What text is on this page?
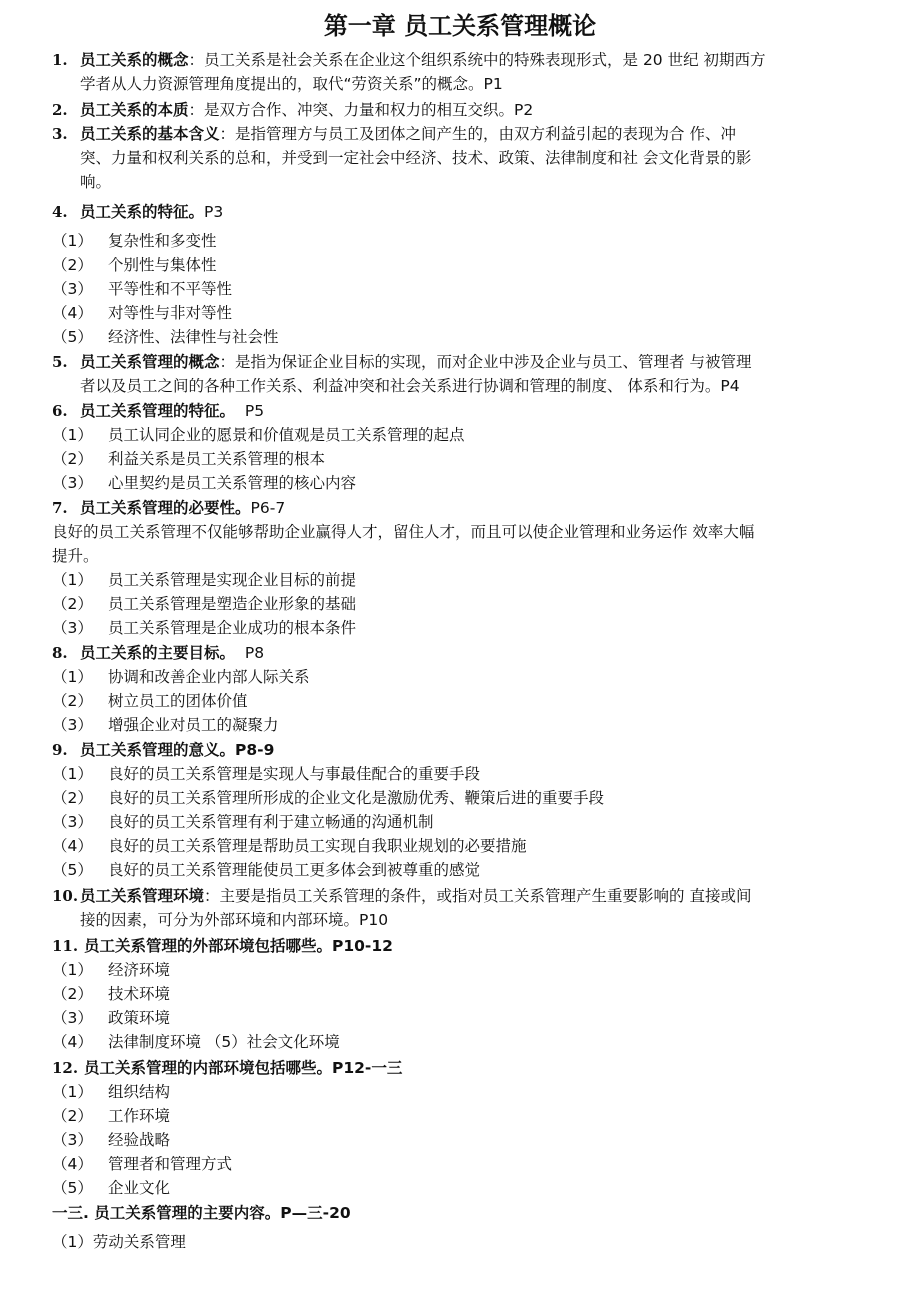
第一章 员工关系管理概论
1. 员工关系的概念：员工关系是社会关系在企业这个组织系统中的特殊表现形式，是 20 世纪 初期西方
学者从人力资源管理角度提出的，取代“劳资关系”的概念。P1
2. 员工关系的本质：是双方合作、冲突、力量和权力的相互交织。P2
3. 员工关系的基本含义：是指管理方与员工及团体之间产生的，由双方利益引起的表现为合 作、冲
突、力量和权利关系的总和，并受到一定社会中经济、技术、政策、法律制度和社 会文化背景的影
响。
4. 员工关系的特征。P3
（1） 复杂性和多变性
（2） 个别性与集体性
（3） 平等性和不平等性
（4） 对等性与非对等性
（5） 经济性、法律性与社会性
5. 员工关系管理的概念：是指为保证企业目标的实现，而对企业中涉及企业与员工、管理者 与被管理
者以及员工之间的各种工作关系、利益冲突和社会关系进行协调和管理的制度、 体系和行为。P4
6. 员工关系管理的特征。 P5
（1） 员工认同企业的愿景和价值观是员工关系管理的起点
（2） 利益关系是员工关系管理的根本
（3） 心里契约是员工关系管理的核心内容
7. 员工关系管理的必要性。P6-7
良好的员工关系管理不仅能够帮助企业赢得人才，留住人才，而且可以使企业管理和业务运作 效率大幅
提升。
（1） 员工关系管理是实现企业目标的前提
（2） 员工关系管理是塑造企业形象的基础
（3） 员工关系管理是企业成功的根本条件
8. 员工关系的主要目标。 P8
（1） 协调和改善企业内部人际关系
（2） 树立员工的团体价值
（3） 增强企业对员工的凝聚力
9. 员工关系管理的意义。P8-9
（1） 良好的员工关系管理是实现人与事最佳配合的重要手段
（2） 良好的员工关系管理所形成的企业文化是激励优秀、鞭策后进的重要手段
（3） 良好的员工关系管理有利于建立畅通的沟通机制
（4） 良好的员工关系管理是帮助员工实现自我职业规划的必要措施
（5） 良好的员工关系管理能使员工更多体会到被尊重的感觉
10. 员工关系管理环境：主要是指员工关系管理的条件，或指对员工关系管理产生重要影响的 直接或间
接的因素，可分为外部环境和内部环境。P10
11. 员工关系管理的外部环境包括哪些。P10-12
（1） 经济环境
（2） 技术环境
（3） 政策环境
（4） 法律制度环境 （5）社会文化环境
12. 员工关系管理的内部环境包括哪些。P12-一三
（1） 组织结构
（2） 工作环境
（3） 经验战略
（4） 管理者和管理方式
（5） 企业文化
一三. 员工关系管理的主要内容。P—三-20
（1）劳动关系管理
